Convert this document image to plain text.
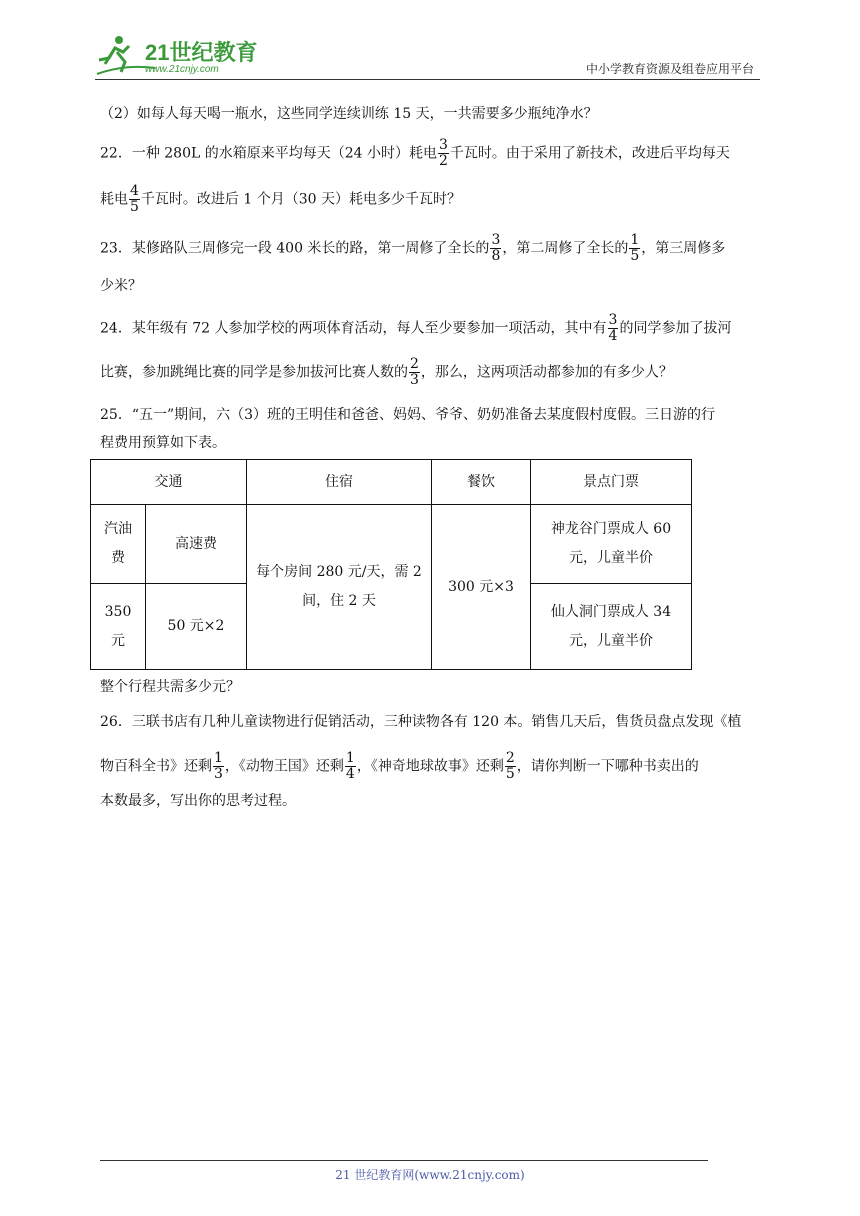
21世纪教育
www.21cnjy.com	中小学教育资源及组卷应用平台
（2）如每人每天喝一瓶水，这些同学连续训练 15 天，一共需要多少瓶纯净水？
22．一种 280L 的水箱原来平均每天（24 小时）耗电 $\frac{3}{2}$ 千瓦时。由于采用了新技术，改进后平均每天
耗电 $\frac{4}{5}$ 千瓦时。改进后 1 个月（30 天）耗电多少千瓦时？
23．某修路队三周修完一段 400 米长的路，第一周修了全长的 $\frac{3}{8}$ ，第二周修了全长的 $\frac{1}{5}$ ，第三周修多
少米？
24．某年级有 72 人参加学校的两项体育活动，每人至少要参加一项活动，其中有 $\frac{3}{4}$ 的同学参加了拔河
比赛，参加跳绳比赛的同学是参加拔河比赛人数的 $\frac{2}{3}$ ，那么，这两项活动都参加的有多少人？
25．“五一”期间，六（3）班的王明佳和爸爸、妈妈、爷爷、奶奶准备去某度假村度假。三日游的行
程费用预算如下表。
整个行程共需多少元？
26．三联书店有几种儿童读物进行促销活动，三种读物各有 120 本。销售几天后，售货员盘点发现《植
物百科全书》还剩 $\frac{1}{3}$ ，《动物王国》还剩 $\frac{1}{4}$ ，《神奇地球故事》还剩 $\frac{2}{5}$ ，请你判断一下哪种书卖出的
本数最多，写出你的思考过程。
交通		住宿	餐饮	景点门票
汽油费	高速费	每个房间 280 元/天，需 2 间，住 2 天	300 元×3	神龙谷门票成人 60 元，儿童半价
350 元	50 元×2			仙人洞门票成人 34 元，儿童半价
21 世纪教育网(www.21cnjy.com)
